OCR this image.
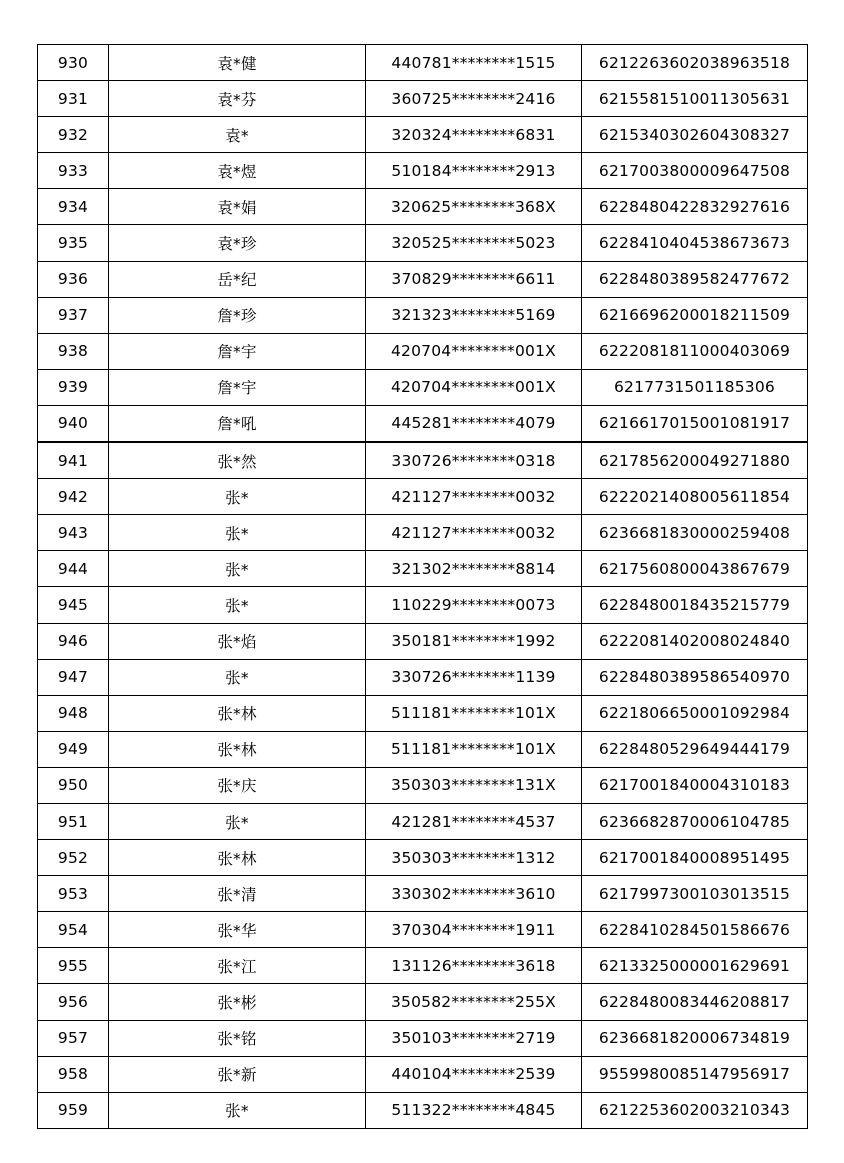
930	袁*健	440781********1515	6212263602038963518
931	袁*芬	360725********2416	6215581510011305631
932	袁*	320324********6831	6215340302604308327
933	袁*煜	510184********2913	6217003800009647508
934	袁*娟	320625********368X	6228480422832927616
935	袁*珍	320525********5023	6228410404538673673
936	岳*纪	370829********6611	6228480389582477672
937	詹*珍	321323********5169	6216696200018211509
938	詹*宇	420704********001X	6222081811000403069
939	詹*宇	420704********001X	6217731501185306
940	詹*吼	445281********4079	6216617015001081917
941	张*然	330726********0318	6217856200049271880
942	张*	421127********0032	6222021408005611854
943	张*	421127********0032	6236681830000259408
944	张*	321302********8814	6217560800043867679
945	张*	110229********0073	6228480018435215779
946	张*焰	350181********1992	6222081402008024840
947	张*	330726********1139	6228480389586540970
948	张*林	511181********101X	6221806650001092984
949	张*林	511181********101X	6228480529649444179
950	张*庆	350303********131X	6217001840004310183
951	张*	421281********4537	6236682870006104785
952	张*林	350303********1312	6217001840008951495
953	张*清	330302********3610	6217997300103013515
954	张*华	370304********1911	6228410284501586676
955	张*江	131126********3618	6213325000001629691
956	张*彬	350582********255X	6228480083446208817
957	张*铭	350103********2719	6236681820006734819
958	张*新	440104********2539	9559980085147956917
959	张*	511322********4845	6212253602003210343
